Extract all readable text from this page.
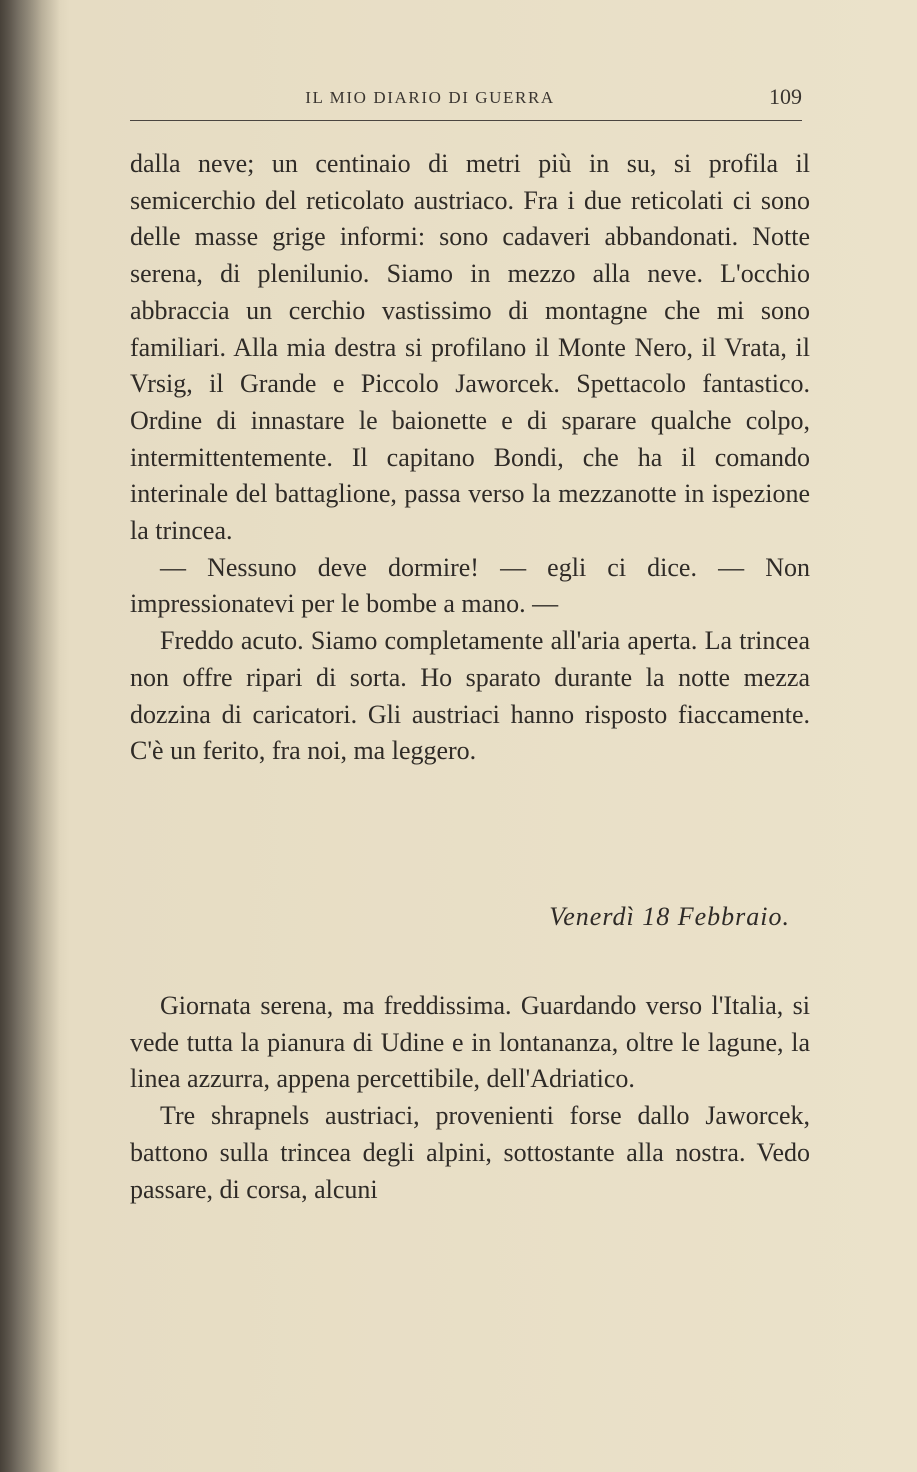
IL MIO DIARIO DI GUERRA	109

dalla neve; un centinaio di metri più in su, si profila il semicerchio del reticolato austriaco. Fra i due reticolati ci sono delle masse grige informi: sono cadaveri abbandonati. Notte serena, di plenilunio. Siamo in mezzo alla neve. L'occhio abbraccia un cerchio vastissimo di montagne che mi sono familiari. Alla mia destra si profilano il Monte Nero, il Vrata, il Vrsig, il Grande e Piccolo Jaworcek. Spettacolo fantastico. Ordine di innastare le baionette e di sparare qualche colpo, intermittentemente. Il capitano Bondi, che ha il comando interinale del battaglione, passa verso la mezzanotte in ispezione la trincea.

— Nessuno deve dormire! — egli ci dice. — Non impressionatevi per le bombe a mano. —

Freddo acuto. Siamo completamente all'aria aperta. La trincea non offre ripari di sorta. Ho sparato durante la notte mezza dozzina di caricatori. Gli austriaci hanno risposto fiaccamente. C'è un ferito, fra noi, ma leggero.

Venerdì 18 Febbraio.

Giornata serena, ma freddissima. Guardando verso l'Italia, si vede tutta la pianura di Udine e in lontananza, oltre le lagune, la linea azzurra, appena percettibile, dell'Adriatico.

Tre shrapnels austriaci, provenienti forse dallo Jaworcek, battono sulla trincea degli alpini, sottostante alla nostra. Vedo passare, di corsa, alcuni
